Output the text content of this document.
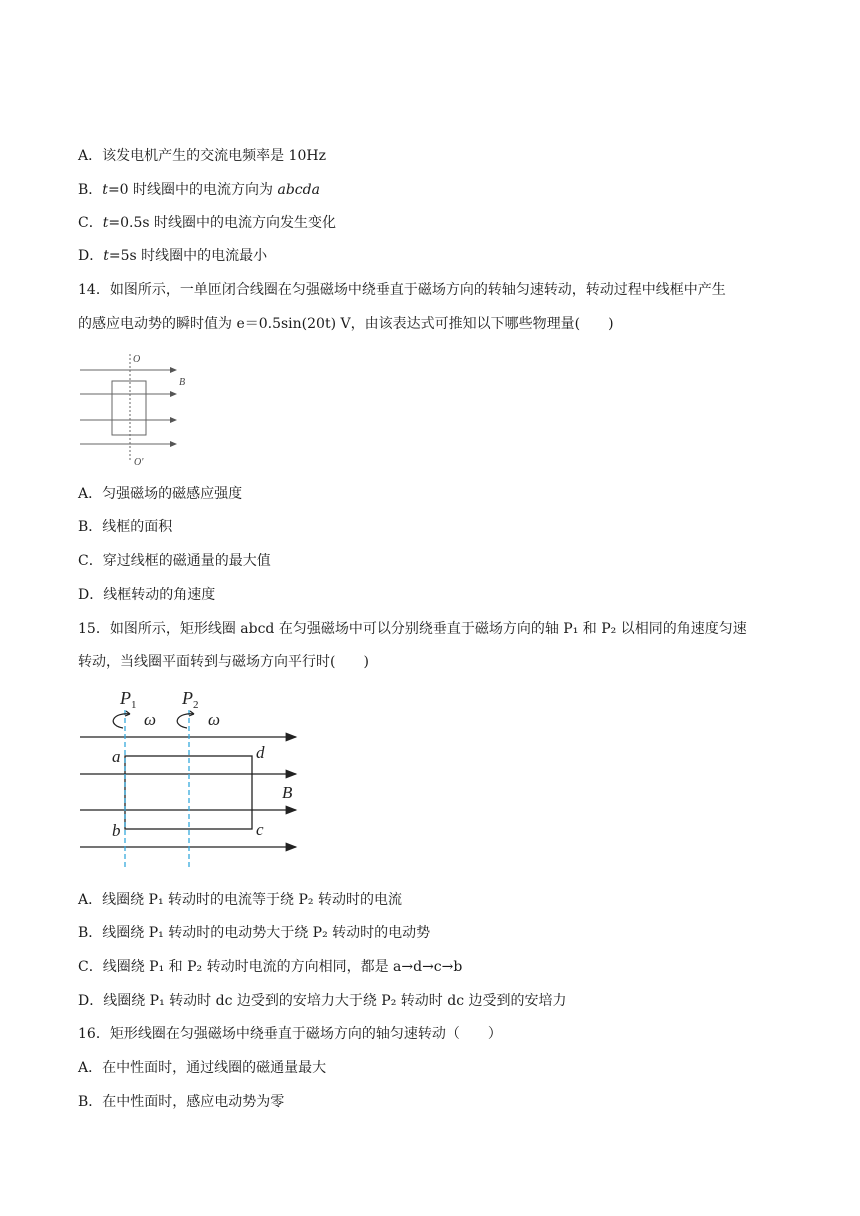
A．该发电机产生的交流电频率是 10Hz
B．t=0 时线圈中的电流方向为 abcda
C．t=0.5s 时线圈中的电流方向发生变化
D．t=5s 时线圈中的电流最小
14．如图所示，一单匝闭合线圈在匀强磁场中绕垂直于磁场方向的转轴匀速转动，转动过程中线框中产生
的感应电动势的瞬时值为 e＝0.5sin(20t) V，由该表达式可推知以下哪些物理量(　　)
O
O'
B
A．匀强磁场的磁感应强度
B．线框的面积
C．穿过线框的磁通量的最大值
D．线框转动的角速度
15．如图所示，矩形线圈 abcd 在匀强磁场中可以分别绕垂直于磁场方向的轴 P₁ 和 P₂ 以相同的角速度匀速
转动，当线圈平面转到与磁场方向平行时(　　)
$P_1$	$P_2$
ω	ω
a	d
b	c
B
A．线圈绕 P₁ 转动时的电流等于绕 P₂ 转动时的电流
B．线圈绕 P₁ 转动时的电动势大于绕 P₂ 转动时的电动势
C．线圈绕 P₁ 和 P₂ 转动时电流的方向相同，都是 a→d→c→b
D．线圈绕 P₁ 转动时 dc 边受到的安培力大于绕 P₂ 转动时 dc 边受到的安培力
16．矩形线圈在匀强磁场中绕垂直于磁场方向的轴匀速转动（　　）
A．在中性面时，通过线圈的磁通量最大
B．在中性面时，感应电动势为零
